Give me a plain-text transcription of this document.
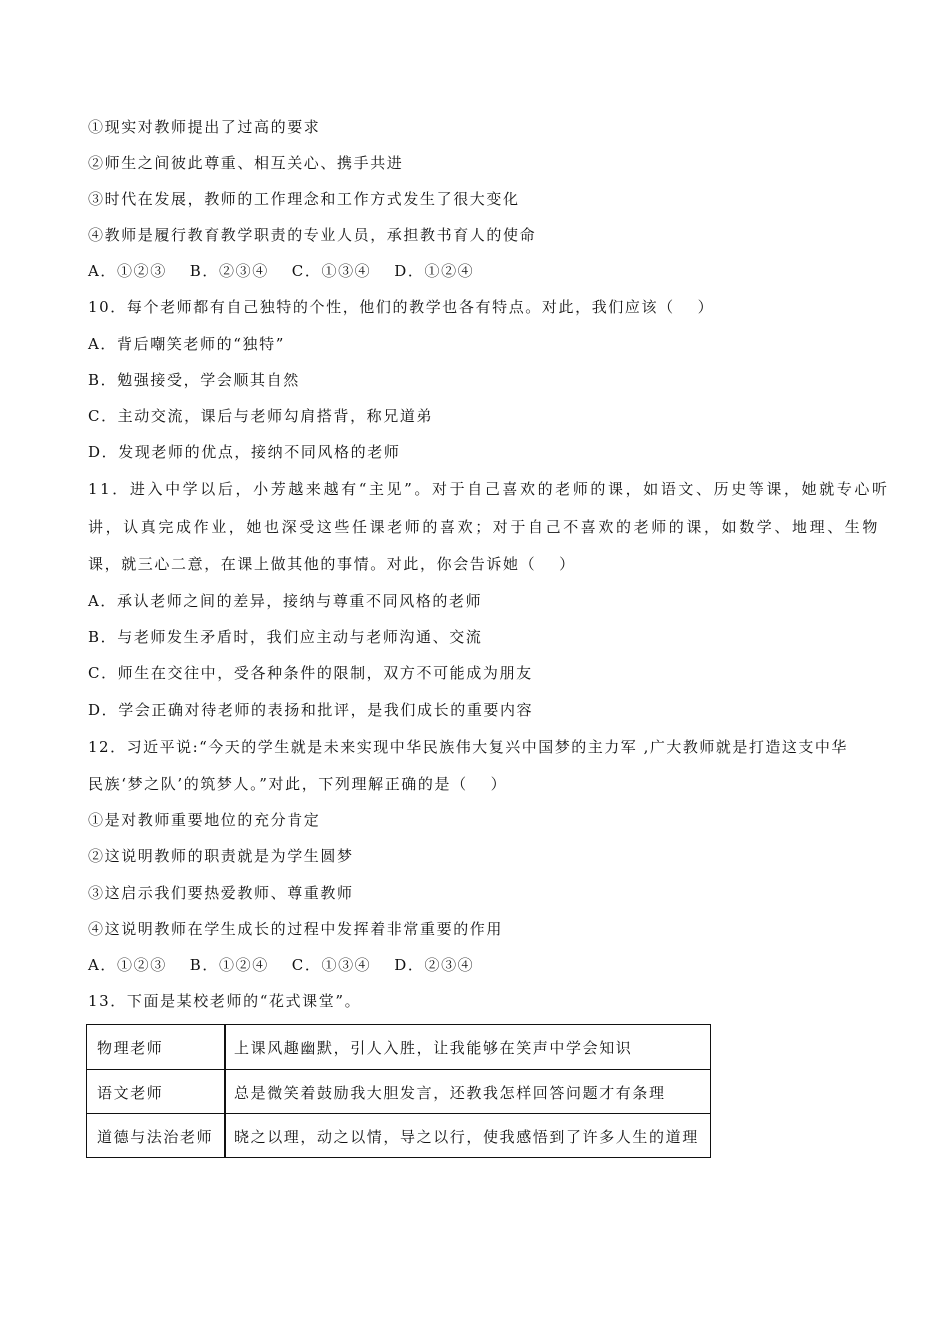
①现实对教师提出了过高的要求
②师生之间彼此尊重、相互关心、携手共进
③时代在发展，教师的工作理念和工作方式发生了很大变化
④教师是履行教育教学职责的专业人员，承担教书育人的使命
A．①②③　 B．②③④　 C．①③④　 D．①②④
10．每个老师都有自己独特的个性，他们的教学也各有特点。对此，我们应该（　 ）
A．背后嘲笑老师的“独特”
B．勉强接受，学会顺其自然
C．主动交流，课后与老师勾肩搭背，称兄道弟
D．发现老师的优点，接纳不同风格的老师
11．进入中学以后，小芳越来越有“主见”。对于自己喜欢的老师的课，如语文、历史等课，她就专心听
讲，认真完成作业，她也深受这些任课老师的喜欢；对于自己不喜欢的老师的课，如数学、地理、生物
课，就三心二意，在课上做其他的事情。对此，你会告诉她（　 ）
A．承认老师之间的差异，接纳与尊重不同风格的老师
B．与老师发生矛盾时，我们应主动与老师沟通、交流
C．师生在交往中，受各种条件的限制，双方不可能成为朋友
D．学会正确对待老师的表扬和批评，是我们成长的重要内容
12．习近平说:“今天的学生就是未来实现中华民族伟大复兴中国梦的主力军 ,广大教师就是打造这支中华
民族‘梦之队’的筑梦人。”对此，下列理解正确的是（　 ）
①是对教师重要地位的充分肯定
②这说明教师的职责就是为学生圆梦
③这启示我们要热爱教师、尊重教师
④这说明教师在学生成长的过程中发挥着非常重要的作用
A．①②③　 B．①②④　 C．①③④　 D．②③④
13．下面是某校老师的“花式课堂”。
物理老师	上课风趣幽默，引人入胜，让我能够在笑声中学会知识
语文老师	总是微笑着鼓励我大胆发言，还教我怎样回答问题才有条理
道德与法治老师	晓之以理，动之以情，导之以行，使我感悟到了许多人生的道理
